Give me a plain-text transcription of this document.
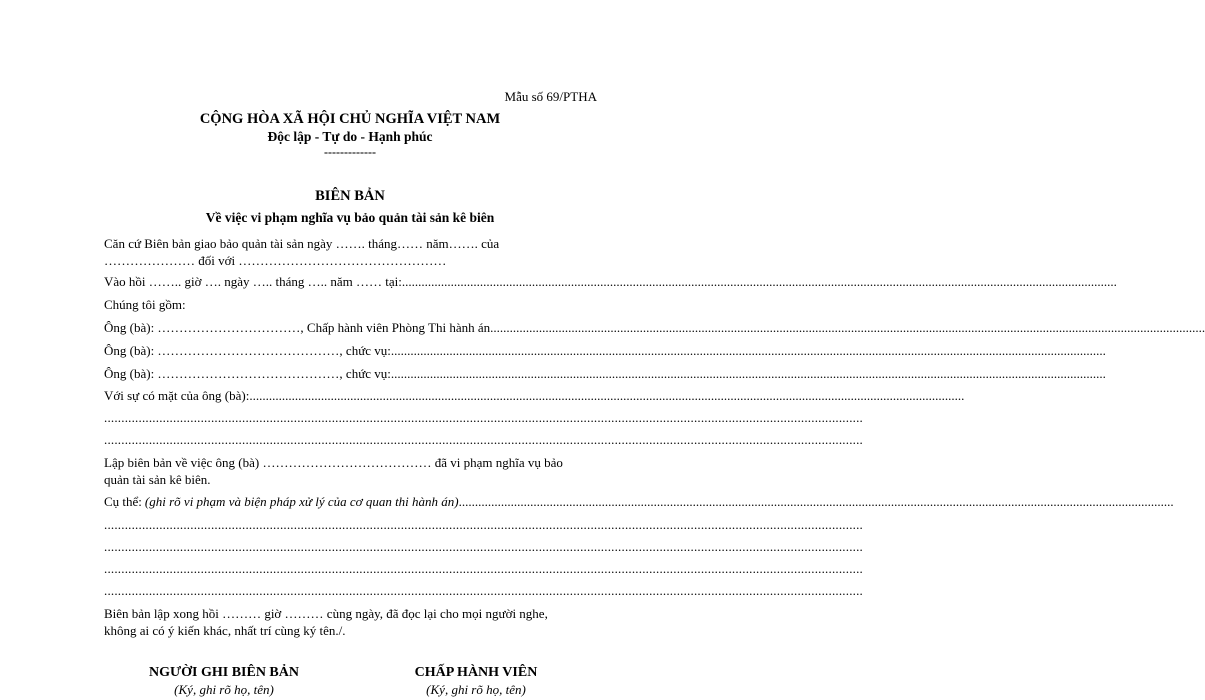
Mẫu số 69/PTHA
CỘNG HÒA XÃ HỘI CHỦ NGHĨA VIỆT NAM
Độc lập - Tự do - Hạnh phúc
-------------
BIÊN BẢN
Về việc vi phạm nghĩa vụ bảo quản tài sản kê biên
Căn cứ Biên bản giao bảo quản tài sản ngày ……. tháng…… năm……. của
………………… đối với …………………………………………
Vào hồi …….. giờ …. ngày ….. tháng ….. năm …… tại: ............................................................................................................................................................................................................................
Chúng tôi gồm:
Ông (bà): ……………………………, Chấp hành viên Phòng Thi hành án ............................................................................................................................................................................................................................
Ông (bà): ……………………………………, chức vụ: ............................................................................................................................................................................................................................
Ông (bà): ……………………………………, chức vụ: ............................................................................................................................................................................................................................
Với sự có mặt của ông (bà): ............................................................................................................................................................................................................................
............................................................................................................................................................................................................................
............................................................................................................................................................................................................................
Lập biên bản về việc ông (bà) ………………………………… đã vi phạm nghĩa vụ bảo
quản tài sản kê biên.
Cụ thể: (ghi rõ vi phạm và biện pháp xử lý của cơ quan thi hành án) ............................................................................................................................................................................................................................
............................................................................................................................................................................................................................
............................................................................................................................................................................................................................
............................................................................................................................................................................................................................
............................................................................................................................................................................................................................
Biên bản lập xong hồi ……… giờ ……… cùng ngày, đã đọc lại cho mọi người nghe,
không ai có ý kiến khác, nhất trí cùng ký tên./.
NGƯỜI GHI BIÊN BẢN
(Ký, ghi rõ họ, tên)
CHẤP HÀNH VIÊN
(Ký, ghi rõ họ, tên)
